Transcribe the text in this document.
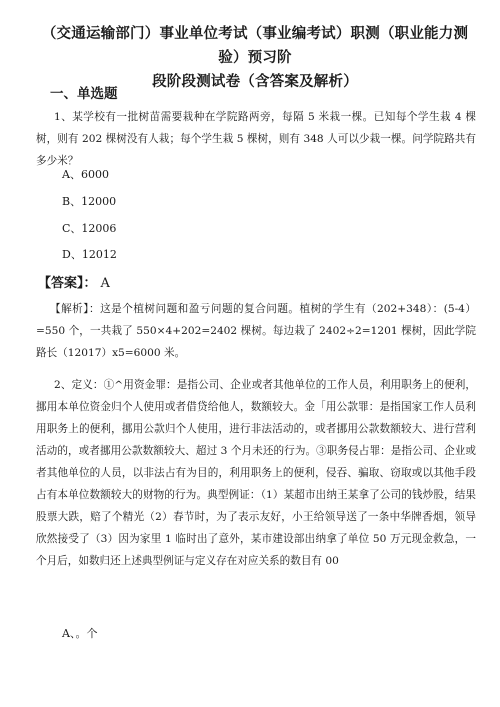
（交通运输部门）事业单位考试（事业编考试）职测（职业能力测验）预习阶
段阶段测试卷（含答案及解析）
一、单选题
1、某学校有一批树苗需要栽种在学院路两旁，每隔 5 米栽一棵。已知每个学生栽 4 棵树，则有 202 棵树没有人栽；每个学生栽 5 棵树，则有 348 人可以少栽一棵。问学院路共有多少米？
A、6000
B、12000
C、12006
D、12012
【答案】： A
【解析】：这是个植树问题和盈亏问题的复合问题。植树的学生有（202+348）：(5-4）=550 个，一共栽了 550×4+202=2402 棵树。每边栽了 2402÷2=1201 棵树，因此学院路长（12017）x5=6000 米。
2、定义：①^用资金罪：是指公司、企业或者其他单位的工作人员，利用职务上的便利，挪用本单位资金归个人使用或者借贷给他人，数额较大。金「用公款罪：是指国家工作人员利用职务上的便利，挪用公款归个人使用，进行非法活动的，或者挪用公款数额较大、进行营利活动的，或者挪用公款数额较大、超过 3 个月未还的行为。③职务侵占罪：是指公司、企业或者其他单位的人员，以非法占有为目的，利用职务上的便利，侵吞、骗取、窃取或以其他手段占有本单位数额较大的财物的行为。典型例证：（1）某超市出纳王某拿了公司的钱炒股，结果股票大跌，赔了个精光（2）春节时，为了表示友好，小王给领导送了一条中华牌香烟，领导欣然接受了（3）因为家里 1 临时出了意外，某市建设部出纳拿了单位 50 万元现金救急，一个月后，如数归还上述典型例证与定义存在对应关系的数目有 00
A、。个
